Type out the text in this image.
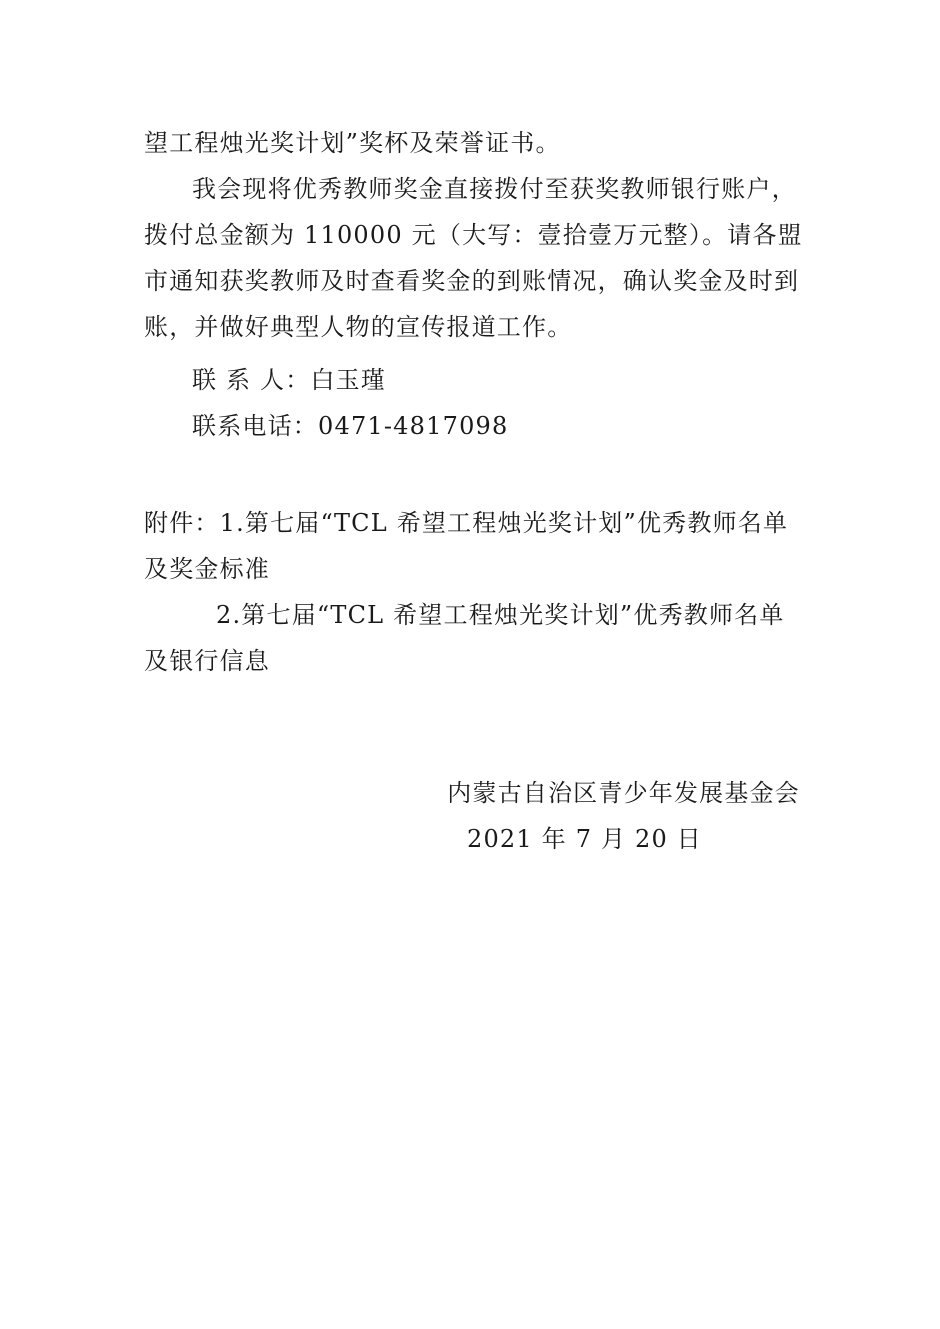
望工程烛光奖计划”奖杯及荣誉证书。
我会现将优秀教师奖金直接拨付至获奖教师银行账户，
拨付总金额为 110000 元（大写：壹拾壹万元整）。请各盟
市通知获奖教师及时查看奖金的到账情况，确认奖金及时到
账，并做好典型人物的宣传报道工作。
联 系 人：白玉瑾
联系电话：0471-4817098
附件：1.第七届“TCL 希望工程烛光奖计划”优秀教师名单
及奖金标准
2.第七届“TCL 希望工程烛光奖计划”优秀教师名单
及银行信息
内蒙古自治区青少年发展基金会
2021 年 7 月 20 日
